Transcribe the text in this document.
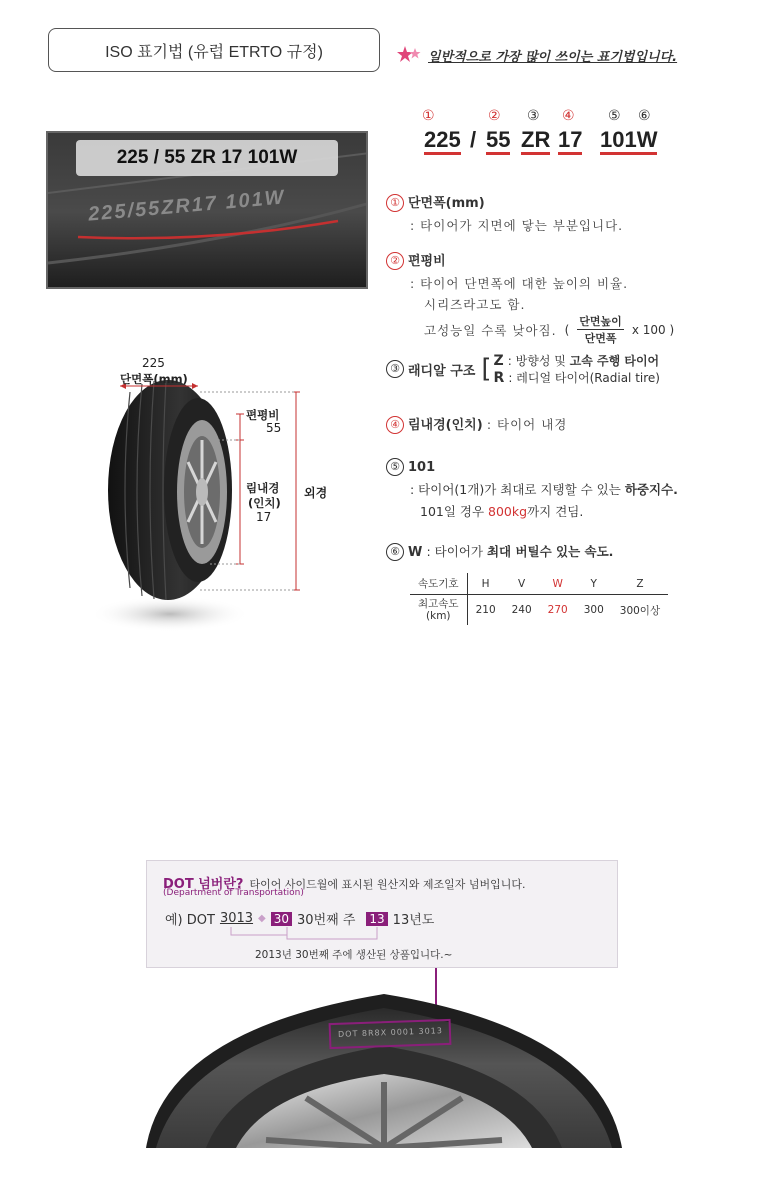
ISO 표기법 (유럽 ETRTO 규정)	일반적으로 가장 많이 쓰이는 표기법입니다.
①	② ③ ④ ⑤ ⑥
225 / 55 ZR 17 101W
225/55ZR17 101W
225 / 55 ZR 17 101W
225
단면폭(mm)
편평비
55
림내경
(인치)
17
외경
① 단면폭(mm)
: 타이어가 지면에 닿는 부분입니다.
② 편평비
: 타이어 단면폭에 대한 높이의 비율.
시리즈라고도 함.
고성능일 수록 낮아짐. ( $\frac{\text{단면높이}}{\text{단면폭}}$ x 100 )
③ 래디알 구조 [ Z : 방향성 및 고속 주행 타이어
R : 레디얼 타이어(Radial tire)
④ 림내경(인치) : 타이어 내경
⑤ 101
: 타이어(1개)가 최대로 지탱할 수 있는 하중지수.
101일 경우 800kg까지 견딤.
⑥ W : 타이어가 최대 버틸수 있는 속도.
속도기호	H	V	W	Y	Z

최고속도
(km)	210	240	270	300	300이상
DOT 넘버란? 타이어 사이드월에 표시된 원산지와 제조일자 넘버입니다.
(Department of Transportation)
예) DOT 3013 ◆ 30 30번째 주 13 13년도
2013년 30번째 주에 생산된 상품입니다.~
DOT 8R8X 0001 3013
